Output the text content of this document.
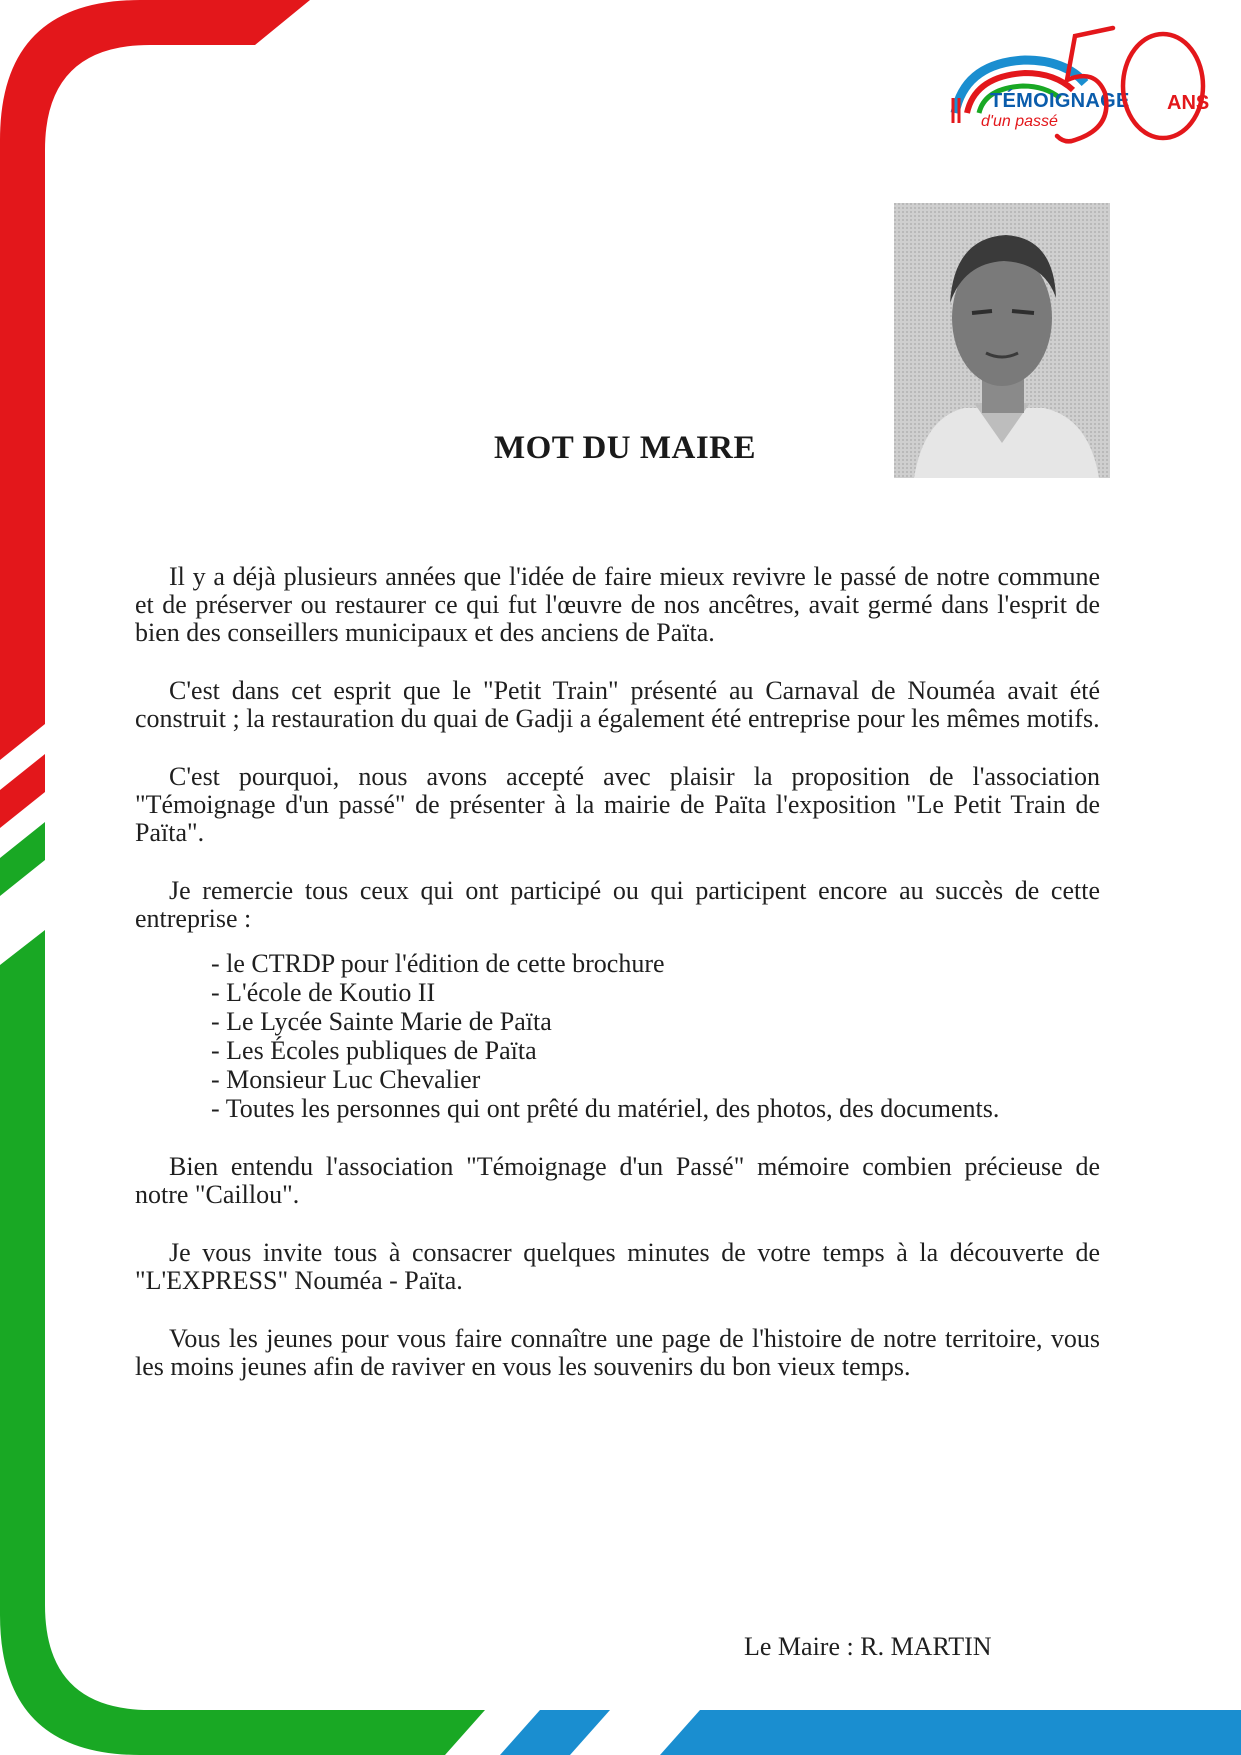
TÉMOIGNAGE
d'un passé
ANS
MOT DU MAIRE

Il y a déjà plusieurs années que l'idée de faire mieux revivre le passé de notre commune et de préserver ou restaurer ce qui fut l'œuvre de nos ancêtres, avait germé dans l'esprit de bien des conseillers municipaux et des anciens de Païta.

C'est dans cet esprit que le "Petit Train" présenté au Carnaval de Nouméa avait été construit ; la restauration du quai de Gadji a également été entreprise pour les mêmes motifs.

C'est pourquoi, nous avons accepté avec plaisir la proposition de l'association "Témoignage d'un passé" de présenter à la mairie de Païta l'exposition "Le Petit Train de Païta".

Je remercie tous ceux qui ont participé ou qui participent encore au succès de cette entreprise :

- le CTRDP pour l'édition de cette brochure
- L'école de Koutio II
- Le Lycée Sainte Marie de Païta
- Les Écoles publiques de Païta
- Monsieur Luc Chevalier
- Toutes les personnes qui ont prêté du matériel, des photos, des documents.

Bien entendu l'association "Témoignage d'un Passé" mémoire combien précieuse de notre "Caillou".

Je vous invite tous à consacrer quelques minutes de votre temps à la découverte de "L'EXPRESS" Nouméa - Païta.

Vous les jeunes pour vous faire connaître une page de l'histoire de notre territoire, vous les moins jeunes afin de raviver en vous les souvenirs du bon vieux temps.

Le Maire : R. MARTIN
